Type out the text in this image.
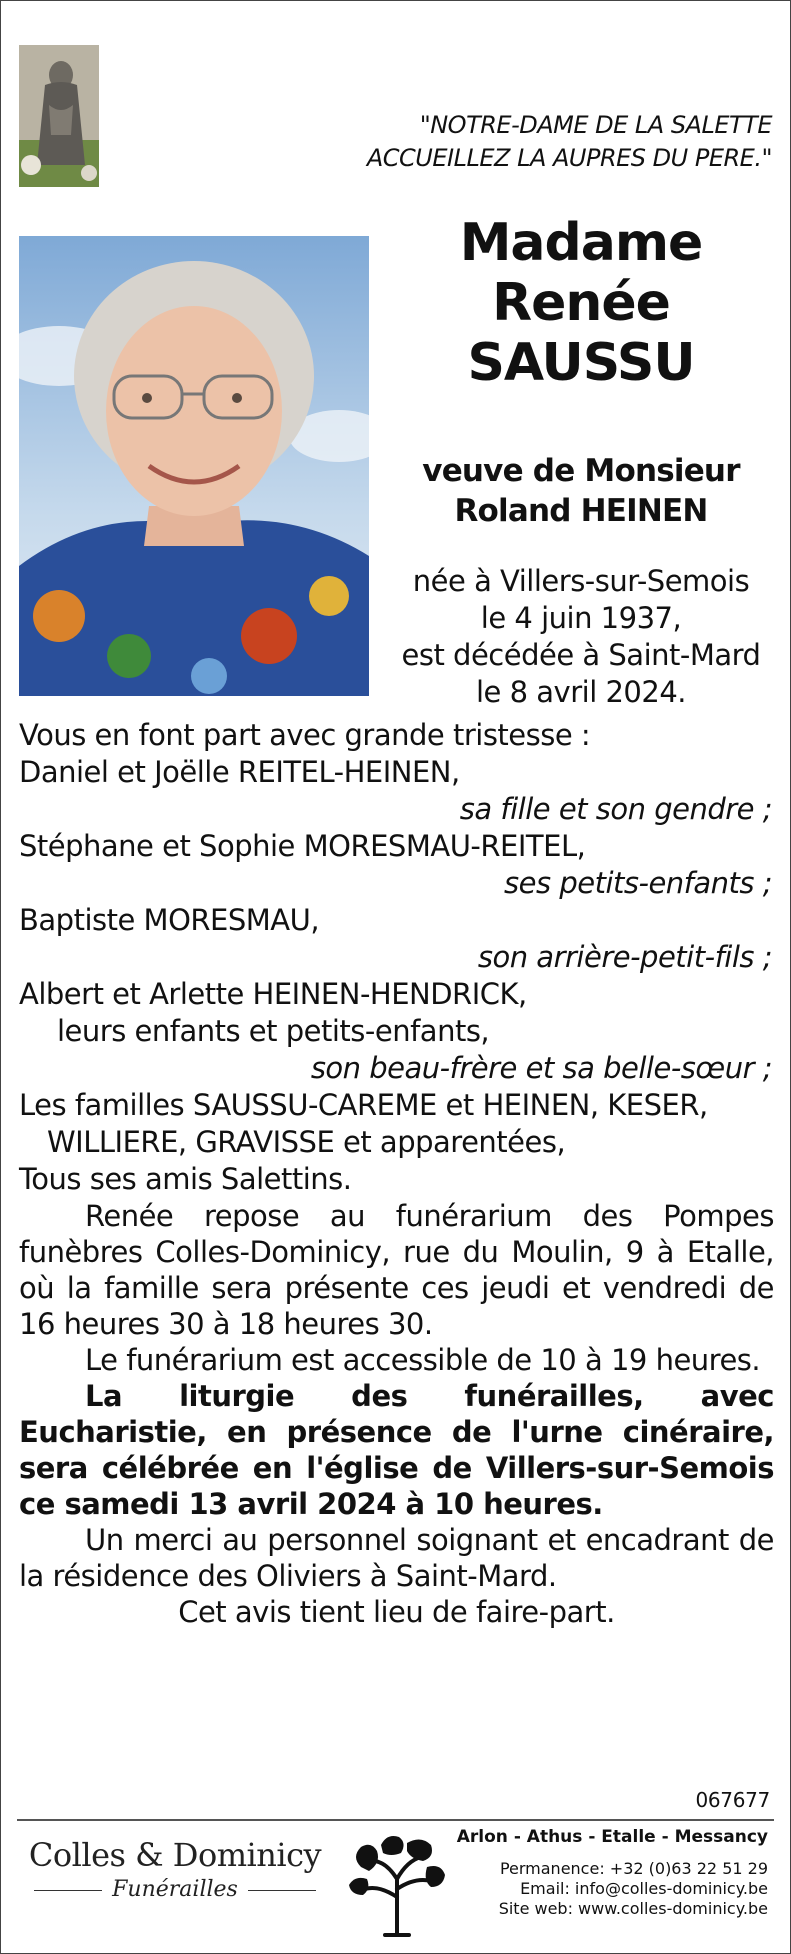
"NOTRE-DAME DE LA SALETTE
ACCUEILLEZ LA AUPRES DU PERE."
Madame
Renée
SAUSSU
veuve de Monsieur
Roland HEINEN
née à Villers-sur-Semois
le 4 juin 1937,
est décédée à Saint-Mard
le 8 avril 2024.
Vous en font part avec grande tristesse :
Daniel et Joëlle REITEL-HEINEN,
sa fille et son gendre ;
Stéphane et Sophie MORESMAU-REITEL,
ses petits-enfants ;
Baptiste MORESMAU,
son arrière-petit-fils ;
Albert et Arlette HEINEN-HENDRICK,
leurs enfants et petits-enfants,
son beau-frère et sa belle-sœur ;
Les familles SAUSSU-CAREME et HEINEN, KESER,
WILLIERE, GRAVISSE et apparentées,
Tous ses amis Salettins.

Renée repose au funérarium des Pompes funèbres Colles-Dominicy, rue du Moulin, 9 à Etalle, où la famille sera présente ces jeudi et vendredi de 16 heures 30 à 18 heures 30.

Le funérarium est accessible de 10 à 19 heures.

La liturgie des funérailles, avec Eucharistie, en présence de l'urne cinéraire, sera célébrée en l'église de Villers-sur-Semois ce samedi 13 avril 2024 à 10 heures.

Un merci au personnel soignant et encadrant de la résidence des Oliviers à Saint-Mard.

Cet avis tient lieu de faire-part.
067677
Colles & Dominicy
Funérailles
Arlon - Athus - Etalle - Messancy
Permanence: +32 (0)63 22 51 29
Email: info@colles-dominicy.be
Site web: www.colles-dominicy.be
